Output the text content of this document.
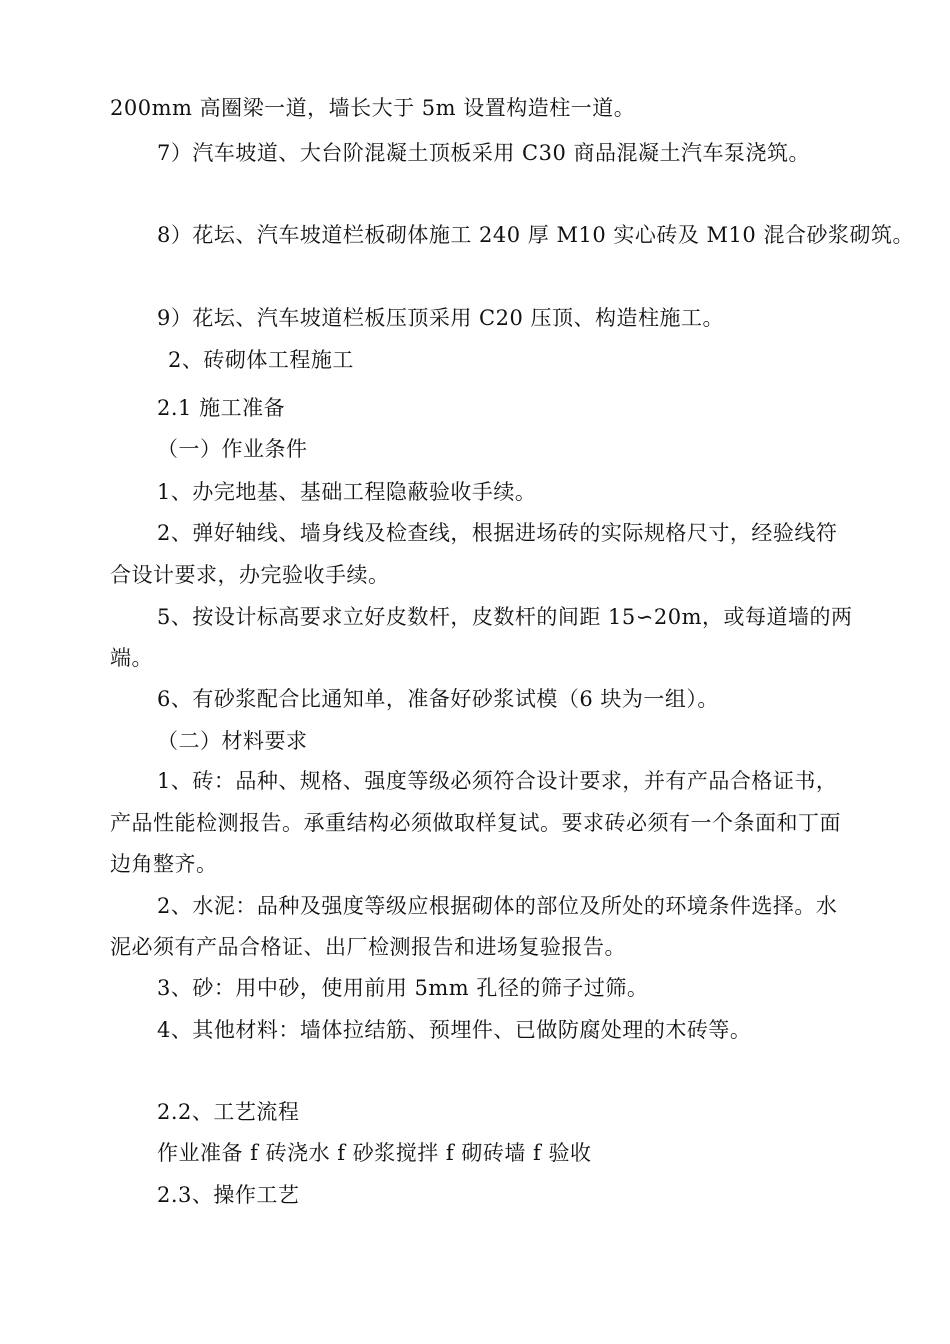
200mm 高圈梁一道，墙长大于 5m 设置构造柱一道。
7）汽车坡道、大台阶混凝土顶板采用 C30 商品混凝土汽车泵浇筑。
8）花坛、汽车坡道栏板砌体施工 240 厚 M10 实心砖及 M10 混合砂浆砌筑。
9）花坛、汽车坡道栏板压顶采用 C20 压顶、构造柱施工。
2、砖砌体工程施工
2.1 施工准备
（一）作业条件
1、办完地基、基础工程隐蔽验收手续。
2、弹好轴线、墙身线及检查线，根据进场砖的实际规格尺寸，经验线符
合设计要求，办完验收手续。
5、按设计标高要求立好皮数杆，皮数杆的间距 15∽20m，或每道墙的两
端。
6、有砂浆配合比通知单，准备好砂浆试模（6 块为一组）。
（二）材料要求
1、砖：品种、规格、强度等级必须符合设计要求，并有产品合格证书，
产品性能检测报告。承重结构必须做取样复试。要求砖必须有一个条面和丁面
边角整齐。
2、水泥：品种及强度等级应根据砌体的部位及所处的环境条件选择。水
泥必须有产品合格证、出厂检测报告和进场复验报告。
3、砂：用中砂，使用前用 5mm 孔径的筛子过筛。
4、其他材料：墙体拉结筋、预埋件、已做防腐处理的木砖等。
2.2、工艺流程
作业准备 f 砖浇水 f 砂浆搅拌 f 砌砖墙 f 验收
2.3、操作工艺
